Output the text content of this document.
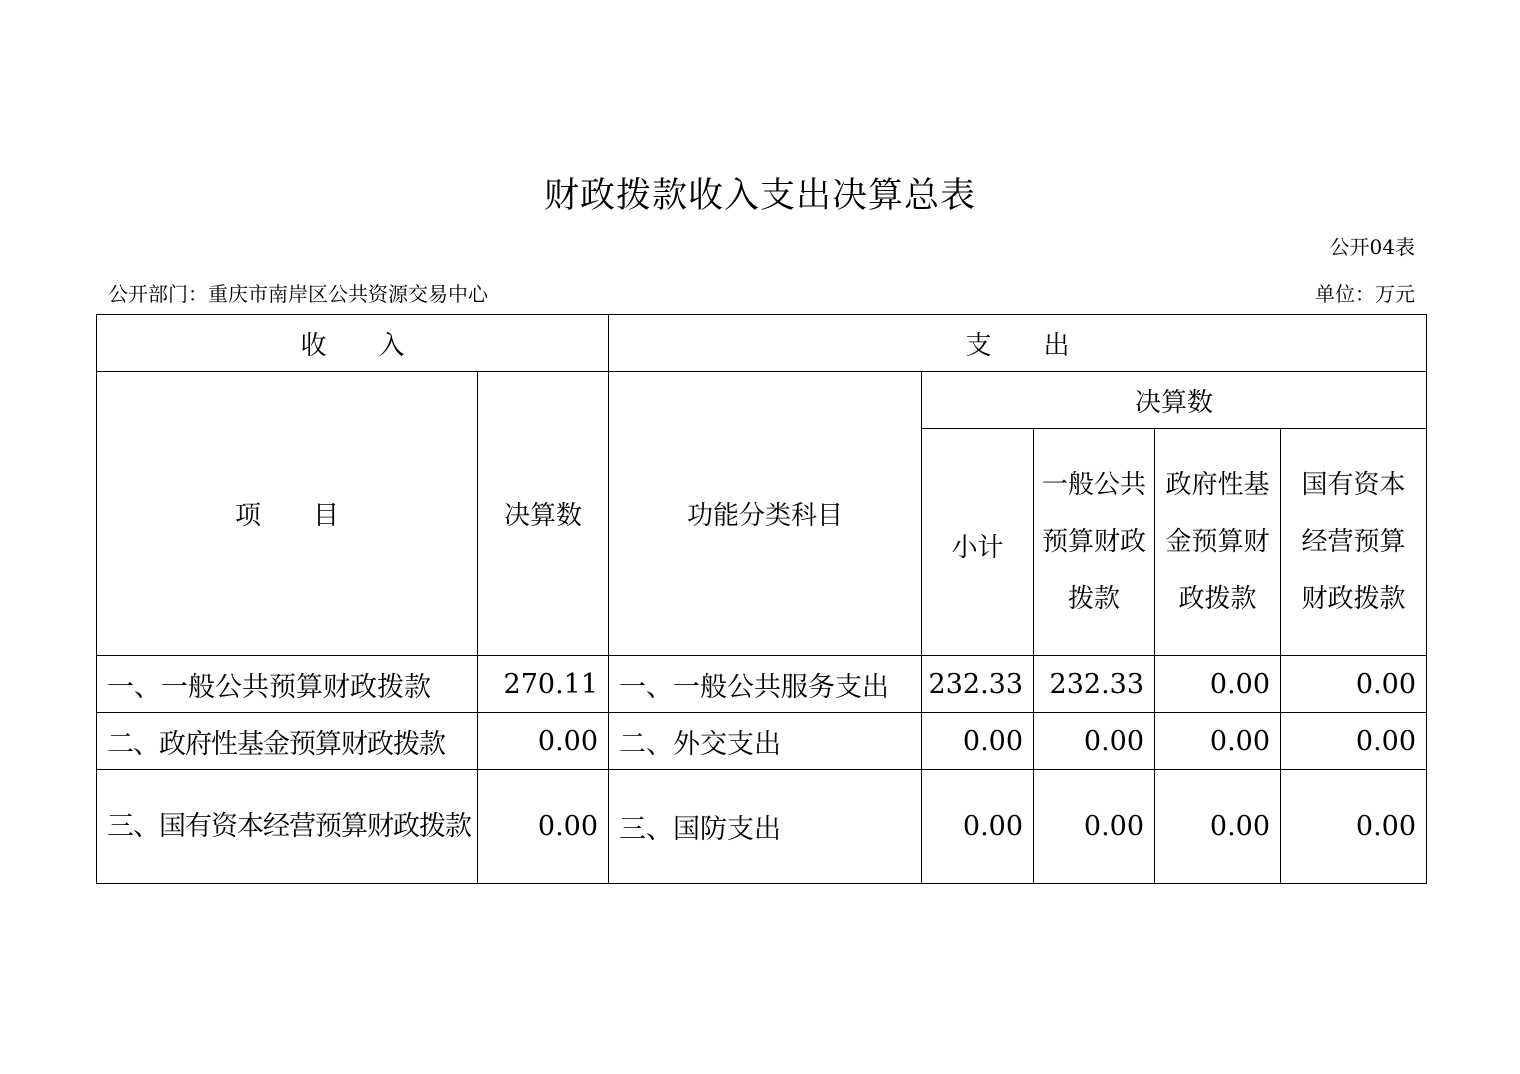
财政拨款收入支出决算总表
公开04表
公开部门：重庆市南岸区公共资源交易中心	单位：万元
收　　入		支　　出				
项　　目	决算数	功能分类科目	决算数			
			小计	一般公共预算财政拨款	政府性基金预算财政拨款	国有资本经营预算财政拨款
一、一般公共预算财政拨款	270.11	一、一般公共服务支出	232.33	232.33	0.00	0.00
二、政府性基金预算财政拨款	0.00	二、外交支出	0.00	0.00	0.00	0.00
三、国有资本经营预算财政拨款	0.00	三、国防支出	0.00	0.00	0.00	0.00
